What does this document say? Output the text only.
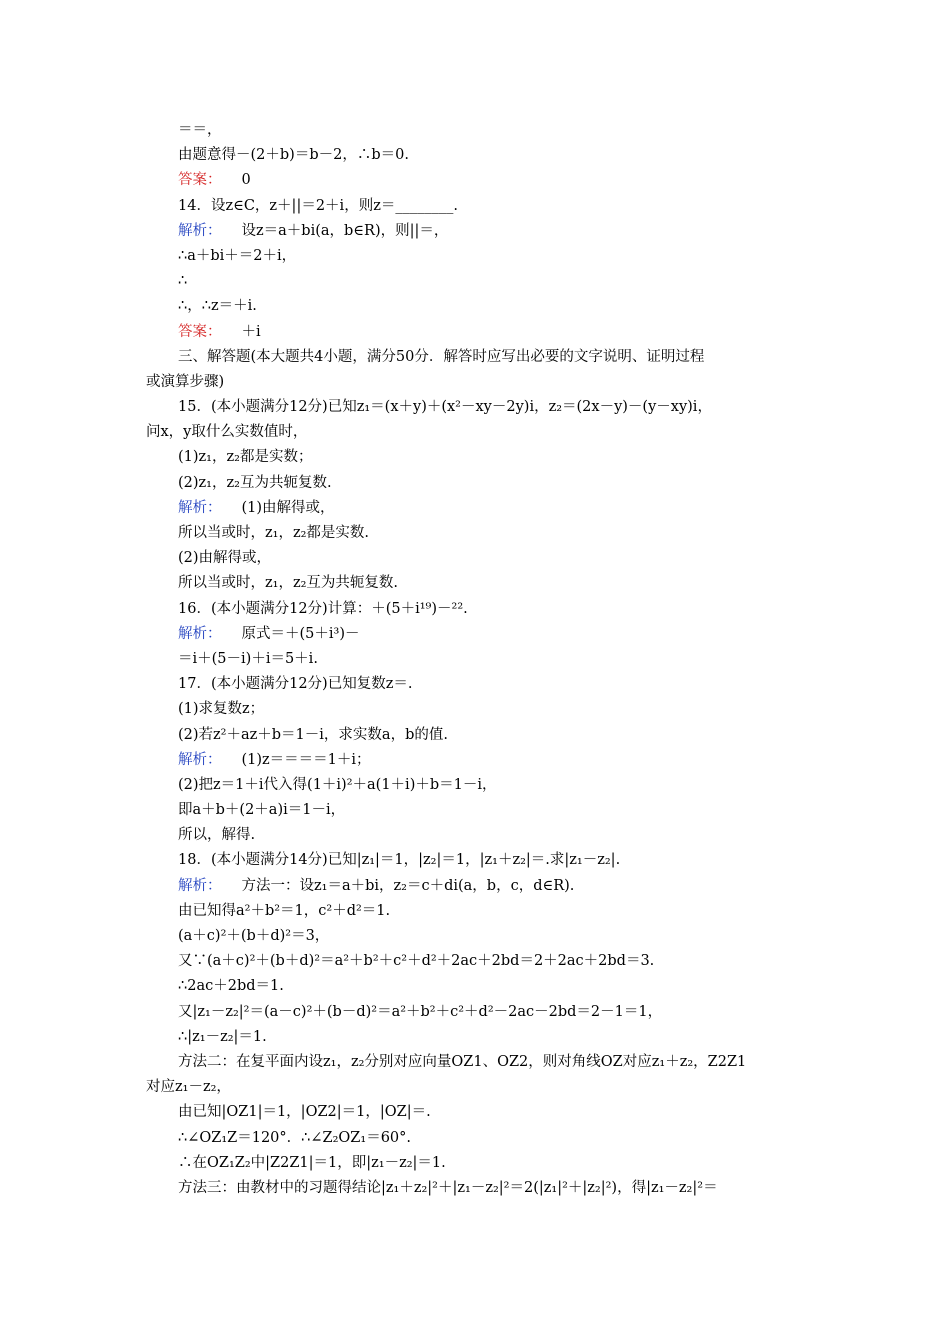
＝＝，
由题意得－(2＋b)＝b－2，∴b＝0.
答案： 0
14．设z∈C，z＋||＝2＋i，则z＝________.
解析： 设z＝a＋bi(a，b∈R)，则||＝，
∴a＋bi＋＝2＋i，
∴
∴，∴z＝＋i.
答案： ＋i
三、解答题(本大题共4小题，满分50分．解答时应写出必要的文字说明、证明过程
或演算步骤)
15．(本小题满分12分)已知z₁＝(x＋y)＋(x²－xy－2y)i，z₂＝(2x－y)－(y－xy)i，
问x，y取什么实数值时，
(1)z₁，z₂都是实数；
(2)z₁，z₂互为共轭复数.
解析： (1)由解得或，
所以当或时，z₁，z₂都是实数.
(2)由解得或，
所以当或时，z₁，z₂互为共轭复数.
16．(本小题满分12分)计算：＋(5＋i¹⁹)－²².
解析： 原式＝＋(5＋i³)－
＝i＋(5－i)＋i＝5＋i.
17．(本小题满分12分)已知复数z＝.
(1)求复数z；
(2)若z²＋az＋b＝1－i，求实数a，b的值.
解析： (1)z＝＝＝＝1＋i；
(2)把z＝1＋i代入得(1＋i)²＋a(1＋i)＋b＝1－i，
即a＋b＋(2＋a)i＝1－i，
所以，解得.
18．(本小题满分14分)已知|z₁|＝1，|z₂|＝1，|z₁＋z₂|＝.求|z₁－z₂|.
解析： 方法一：设z₁＝a＋bi，z₂＝c＋di(a，b，c，d∈R).
由已知得a²＋b²＝1，c²＋d²＝1.
(a＋c)²＋(b＋d)²＝3，
又∵(a＋c)²＋(b＋d)²＝a²＋b²＋c²＋d²＋2ac＋2bd＝2＋2ac＋2bd＝3.
∴2ac＋2bd＝1.
又|z₁－z₂|²＝(a－c)²＋(b－d)²＝a²＋b²＋c²＋d²－2ac－2bd＝2－1＝1，
∴|z₁－z₂|＝1.
方法二：在复平面内设z₁，z₂分别对应向量OZ1、OZ2，则对角线OZ对应z₁＋z₂，Z2Z1
对应z₁－z₂，
由已知|OZ1|＝1，|OZ2|＝1，|OZ|＝.
∴∠OZ₁Z＝120°．∴∠Z₂OZ₁＝60°.
∴在OZ₁Z₂中|Z2Z1|＝1，即|z₁－z₂|＝1.
方法三：由教材中的习题得结论|z₁＋z₂|²＋|z₁－z₂|²＝2(|z₁|²＋|z₂|²)，得|z₁－z₂|²＝
